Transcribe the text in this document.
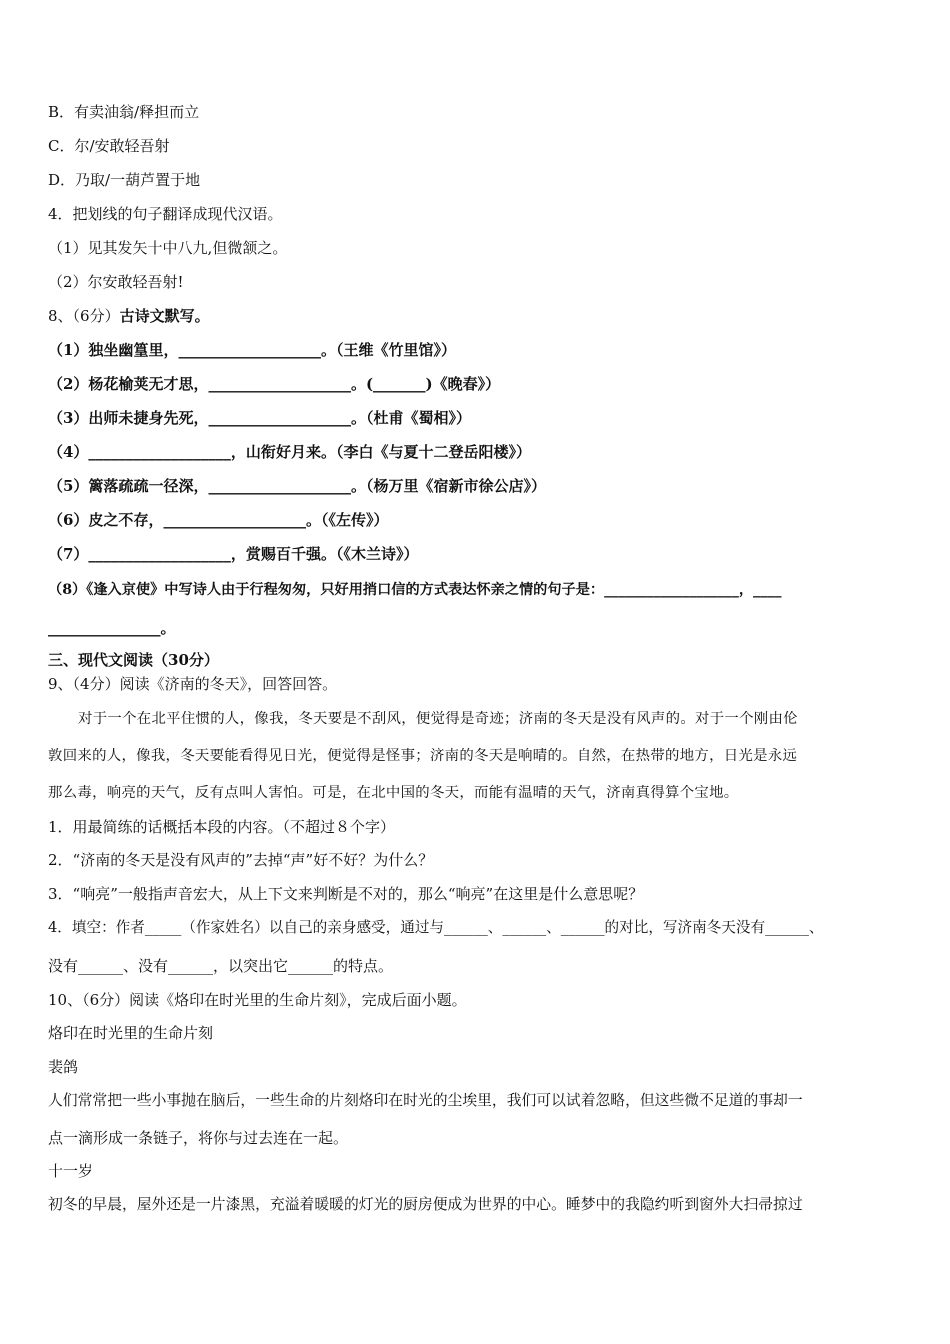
B．有卖油翁/释担而立
C．尔/安敢轻吾射
D．乃取/一葫芦置于地
4．把划线的句子翻译成现代汉语。
（1）见其发矢十中八九,但微颔之。
（2）尔安敢轻吾射!
8、（6分）古诗文默写。
（1）独坐幽篁里，___________________。（王维《竹里馆》）
（2）杨花榆荚无才思，___________________。(_______)《晚春》）
（3）出师未捷身先死，___________________。（杜甫《蜀相》）
（4）___________________，山衔好月来。（李白《与夏十二登岳阳楼》）
（5）篱落疏疏一径深，___________________。（杨万里《宿新市徐公店》）
（6）皮之不存，___________________。（《左传》）
（7）___________________，赏赐百千强。（《木兰诗》）
（8）《逢入京使》中写诗人由于行程匆匆，只好用捎口信的方式表达怀亲之情的句子是：___________________，____
_______________。
三、现代文阅读（30分）
9、（4分）阅读《济南的冬天》，回答回答。
对于一个在北平住惯的人，像我，冬天要是不刮风，便觉得是奇迹；济南的冬天是没有风声的。对于一个刚由伦
敦回来的人，像我，冬天要能看得见日光，便觉得是怪事；济南的冬天是响晴的。自然，在热带的地方，日光是永远
那么毒，响亮的天气，反有点叫人害怕。可是，在北中国的冬天，而能有温晴的天气，济南真得算个宝地。
1．用最简练的话概括本段的内容。（不超过８个字）
2．“济南的冬天是没有风声的”去掉“声”好不好？为什么？
3．“响亮”一般指声音宏大，从上下文来判断是不对的，那么“响亮”在这里是什么意思呢？
4．填空：作者_____（作家姓名）以自己的亲身感受，通过与______、______、______的对比，写济南冬天没有______、
没有______、没有______，以突出它______的特点。
10、（6分）阅读《烙印在时光里的生命片刻》，完成后面小题。
烙印在时光里的生命片刻
裴鸽
人们常常把一些小事抛在脑后，一些生命的片刻烙印在时光的尘埃里，我们可以试着忽略，但这些微不足道的事却一
点一滴形成一条链子，将你与过去连在一起。
十一岁
初冬的早晨，屋外还是一片漆黑，充溢着暖暖的灯光的厨房便成为世界的中心。睡梦中的我隐约听到窗外大扫帚掠过
